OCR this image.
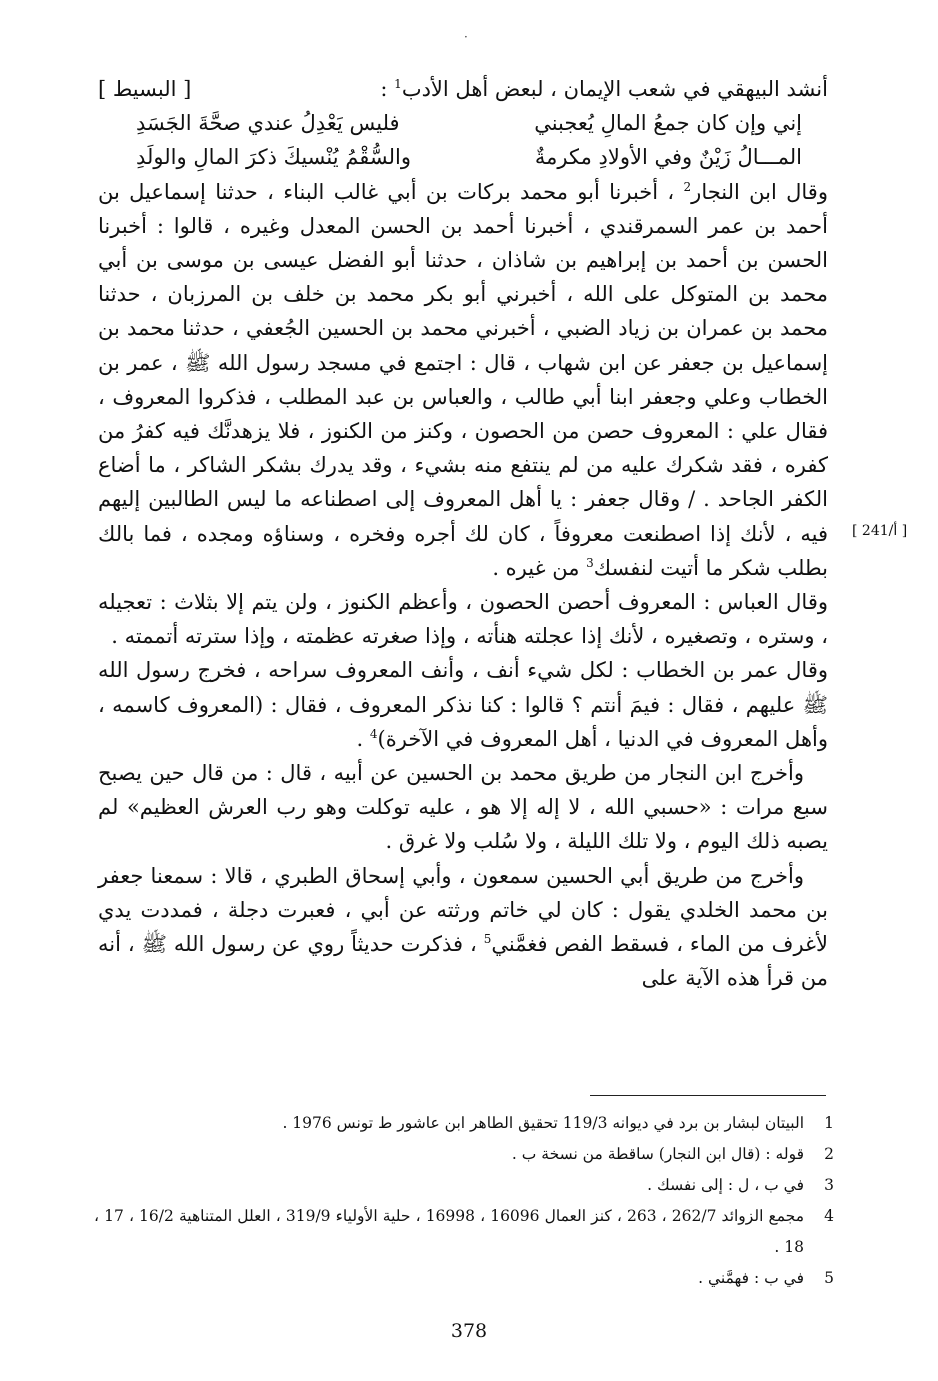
·

أنشد البيهقي في شعب الإيمان ، لبعض أهل الأدب$^1$ :
[ البسيط ]

إني وإن كان جمعُ المالِ يُعجبني
فليس يَعْدِلُ عندي صحَّةَ الجَسَدِ
المـــالُ زَيْنٌ وفي الأولادِ مكرمةٌ
والسُّقْمُ يُنْسيكَ ذكرَ المالِ والولَدِ

وقال ابن النجار$^2$ ، أخبرنا أبو محمد بركات بن أبي غالب البناء ، حدثنا إسماعيل بن أحمد بن عمر السمرقندي ، أخبرنا أحمد بن الحسن المعدل وغيره ، قالوا : أخبرنا الحسن بن أحمد بن إبراهيم بن شاذان ، حدثنا أبو الفضل عيسى بن موسى بن أبي محمد بن المتوكل على الله ، أخبرني أبو بكر محمد بن خلف بن المرزبان ، حدثنا محمد بن عمران بن زياد الضبي ، أخبرني محمد بن الحسين الجُعفي ، حدثنا محمد بن إسماعيل بن جعفر عن ابن شهاب ، قال : اجتمع في مسجد رسول الله ﷺ ، عمر بن الخطاب وعلي وجعفر ابنا أبي طالب ، والعباس بن عبد المطلب ، فذكروا المعروف ، فقال علي : المعروف حصن من الحصون ، وكنز من الكنوز ، فلا يزهدنَّك فيه كفرُ من كفره ، فقد شكرك عليه من لم ينتفع منه بشيء ، وقد يدرك بشكر الشاكر ، ما أضاع الكفر الجاحد . / وقال جعفر : يا أهل المعروف إلى اصطناعه ما ليس الطالبين إليهم فيه ، لأنك إذا اصطنعت معروفاً ، كان لك أجره وفخره ، وسناؤه ومجده ، فما بالك بطلب شكر ما أتيت لنفسك$^3$ من غيره .

وقال العباس : المعروف أحصن الحصون ، وأعظم الكنوز ، ولن يتم إلا بثلاث : تعجيله ، وستره ، وتصغيره ، لأنك إذا عجلته هنأته ، وإذا صغرته عظمته ، وإذا سترته أتممته .

وقال عمر بن الخطاب : لكل شيء أنف ، وأنف المعروف سراحه ، فخرج رسول الله ﷺ عليهم ، فقال : فيمَ أنتم ؟ قالوا : كنا نذكر المعروف ، فقال : (المعروف كاسمه ، وأهل المعروف في الدنيا ، أهل المعروف في الآخرة)$^4$ .

وأخرج ابن النجار من طريق محمد بن الحسين عن أبيه ، قال : من قال حين يصبح سبع مرات : «حسبي الله ، لا إله إلا هو ، عليه توكلت وهو رب العرش العظيم» لم يصبه ذلك اليوم ، ولا تلك الليلة ، ولا سُلب ولا غرق .

وأخرج من طريق أبي الحسين سمعون ، وأبي إسحاق الطبري ، قالا : سمعنا جعفر بن محمد الخلدي يقول : كان لي خاتم ورثته عن أبي ، فعبرت دجلة ، فمددت يدي لأغرف من الماء ، فسقط الفص فغمَّني$^5$ ، فذكرت حديثاً روي عن رسول الله ﷺ ، أنه من قرأ هذه الآية على

[ 241/أ ]
1
البيتان لبشار بن برد في ديوانه 119/3 تحقيق الطاهر ابن عاشور ط تونس 1976 .
2
قوله : (قال ابن النجار) ساقطة من نسخة ب .
3
في ب ، ل : إلى نفسك .
4
مجمع الزوائد 262/7 ، 263 ، كنز العمال 16096 ، 16998 ، حلية الأولياء 319/9 ، العلل المتناهية 16/2 ، 17 ، 18 .
5
في ب : فهمَّني .
378
